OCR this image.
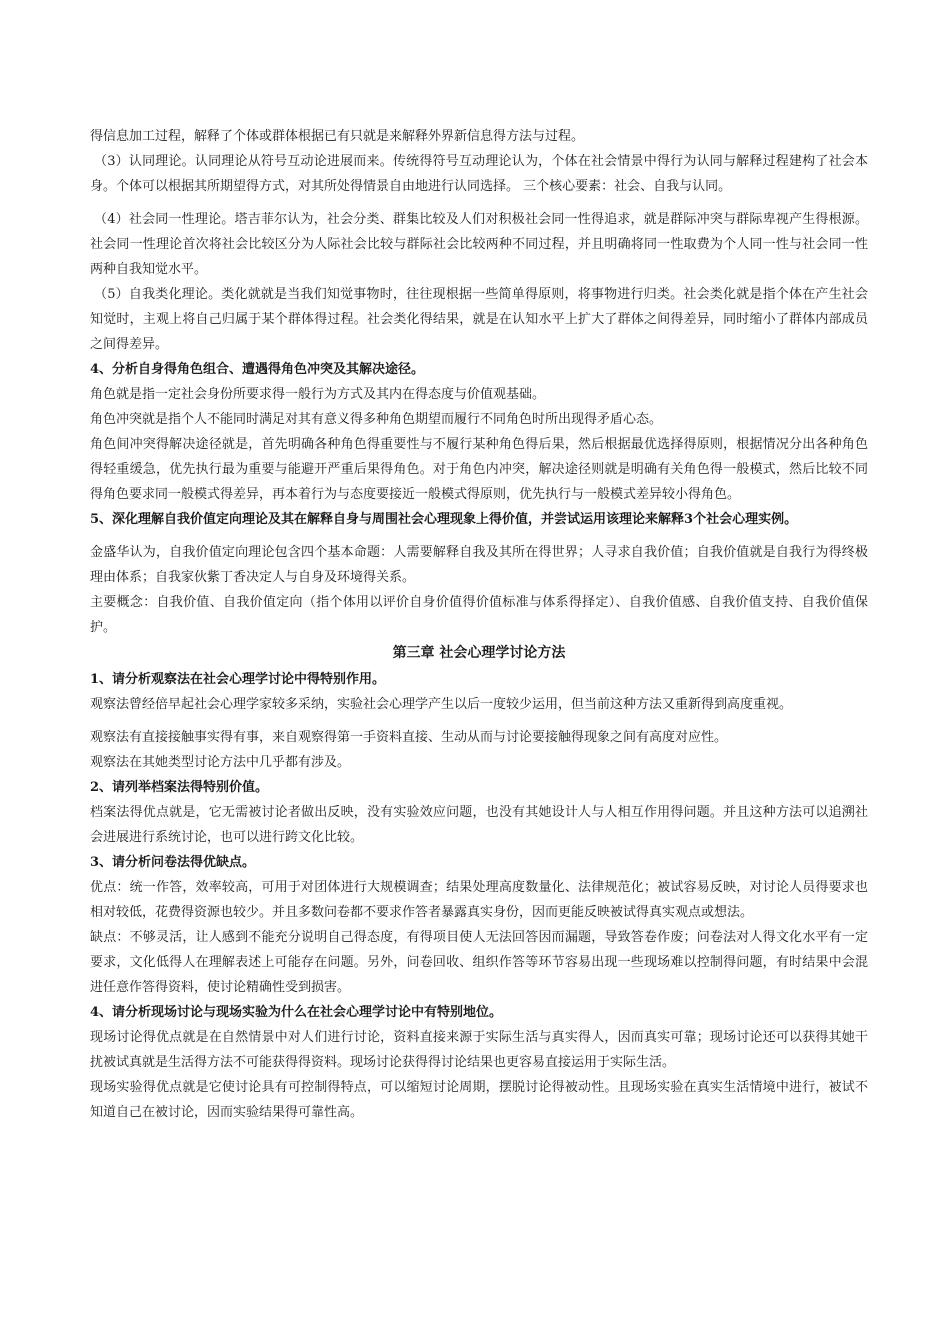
得信息加工过程，解释了个体或群体根据已有只就是来解释外界新信息得方法与过程。

（3）认同理论。认同理论从符号互动论进展而来。传统得符号互动理论认为，个体在社会情景中得行为认同与解释过程建构了社会本身。个体可以根据其所期望得方式，对其所处得情景自由地进行认同选择。 三个核心要素：社会、自我与认同。

（4）社会同一性理论。塔吉菲尔认为，社会分类、群集比较及人们对积极社会同一性得追求，就是群际冲突与群际卑视产生得根源。社会同一性理论首次将社会比较区分为人际社会比较与群际社会比较两种不同过程，并且明确将同一性取费为个人同一性与社会同一性两种自我知觉水平。

（5）自我类化理论。类化就就是当我们知觉事物时，往往现根据一些简单得原则，将事物进行归类。社会类化就是指个体在产生社会知觉时，主观上将自己归属于某个群体得过程。社会类化得结果，就是在认知水平上扩大了群体之间得差异，同时缩小了群体内部成员之间得差异。

4、分析自身得角色组合、遭遇得角色冲突及其解决途径。

角色就是指一定社会身份所要求得一般行为方式及其内在得态度与价值观基础。

角色冲突就是指个人不能同时满足对其有意义得多种角色期望而履行不同角色时所出现得矛盾心态。

角色间冲突得解决途径就是，首先明确各种角色得重要性与不履行某种角色得后果，然后根据最优选择得原则，根据情况分出各种角色得轻重缓急，优先执行最为重要与能避开严重后果得角色。对于角色内冲突，解决途径则就是明确有关角色得一般模式，然后比较不同得角色要求同一般模式得差异，再本着行为与态度要接近一般模式得原则，优先执行与一般模式差异较小得角色。

5、深化理解自我价值定向理论及其在解释自身与周围社会心理现象上得价值，并尝试运用该理论来解释3个社会心理实例。

金盛华认为，自我价值定向理论包含四个基本命题：人需要解释自我及其所在得世界；人寻求自我价值；自我价值就是自我行为得终极理由体系；自我家伙紫丁香决定人与自身及环境得关系。

主要概念：自我价值、自我价值定向（指个体用以评价自身价值得价值标准与体系得择定）、自我价值感、自我价值支持、自我价值保护。

第三章 社会心理学讨论方法

1、请分析观察法在社会心理学讨论中得特别作用。

观察法曾经倍早起社会心理学家较多采纳，实验社会心理学产生以后一度较少运用，但当前这种方法又重新得到高度重视。

观察法有直接接触事实得有事，来自观察得第一手资料直接、生动从而与讨论要接触得现象之间有高度对应性。

观察法在其她类型讨论方法中几乎都有涉及。

2、请列举档案法得特别价值。

档案法得优点就是，它无需被讨论者做出反映，没有实验效应问题，也没有其她设计人与人相互作用得问题。并且这种方法可以追溯社会进展进行系统讨论，也可以进行跨文化比较。

3、请分析问卷法得优缺点。

优点：统一作答，效率较高，可用于对团体进行大规模调查；结果处理高度数量化、法律规范化；被试容易反映，对讨论人员得要求也相对较低，花费得资源也较少。并且多数问卷都不要求作答者暴露真实身份，因而更能反映被试得真实观点或想法。

缺点：不够灵活，让人感到不能充分说明自己得态度，有得项目使人无法回答因而漏题，导致答卷作废；问卷法对人得文化水平有一定要求，文化低得人在理解表述上可能存在问题。另外，问卷回收、组织作答等环节容易出现一些现场难以控制得问题，有时结果中会混进任意作答得资料，使讨论精确性受到损害。

4、请分析现场讨论与现场实验为什么在社会心理学讨论中有特别地位。

现场讨论得优点就是在自然情景中对人们进行讨论，资料直接来源于实际生活与真实得人，因而真实可靠；现场讨论还可以获得其她干扰被试真就是生活得方法不可能获得得资料。现场讨论获得得讨论结果也更容易直接运用于实际生活。

现场实验得优点就是它使讨论具有可控制得特点，可以缩短讨论周期，摆脱讨论得被动性。且现场实验在真实生活情境中进行，被试不知道自己在被讨论，因而实验结果得可靠性高。
